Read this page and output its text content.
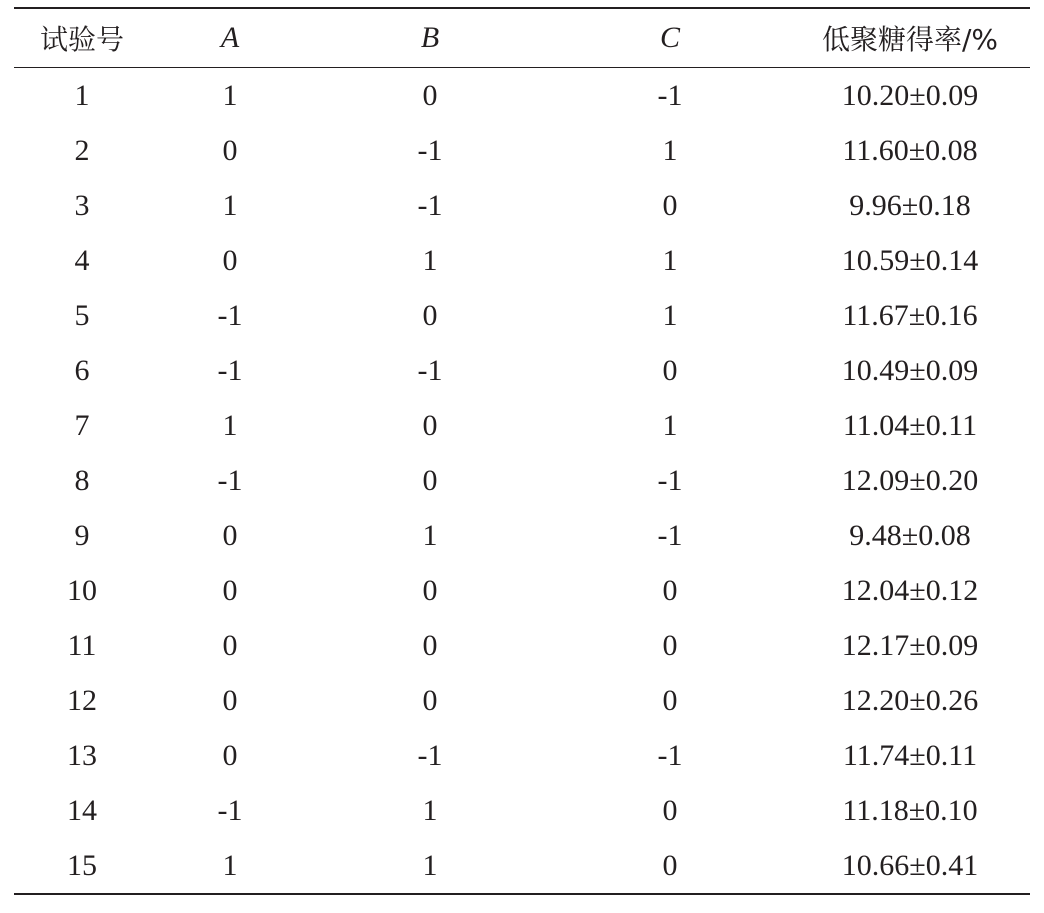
试验号	A	B	C	低聚糖得率/%
1	1	0	-1	10.20±0.09
2	0	-1	1	11.60±0.08
3	1	-1	0	9.96±0.18
4	0	1	1	10.59±0.14
5	-1	0	1	11.67±0.16
6	-1	-1	0	10.49±0.09
7	1	0	1	11.04±0.11
8	-1	0	-1	12.09±0.20
9	0	1	-1	9.48±0.08
10	0	0	0	12.04±0.12
11	0	0	0	12.17±0.09
12	0	0	0	12.20±0.26
13	0	-1	-1	11.74±0.11
14	-1	1	0	11.18±0.10
15	1	1	0	10.66±0.41
